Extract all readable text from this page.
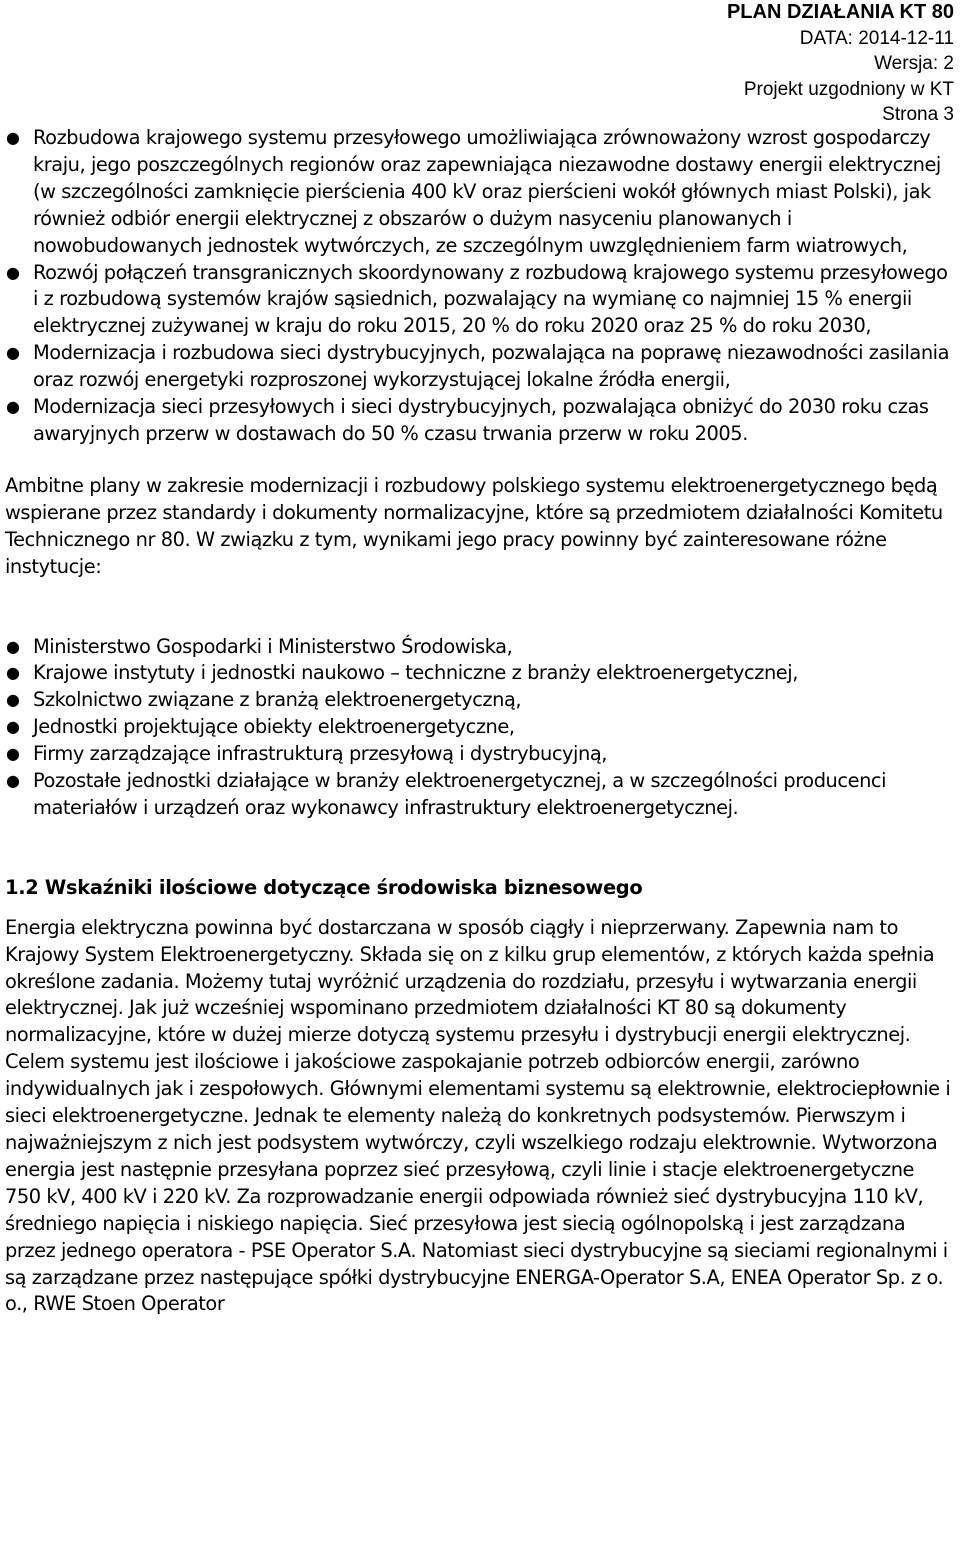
PLAN DZIAŁANIA KT 80
DATA: 2014-12-11
Wersja: 2
Projekt uzgodniony w KT
Strona 3
● Rozbudowa krajowego systemu przesyłowego umożliwiająca zrównoważony wzrost gospodarczy kraju, jego poszczególnych regionów oraz zapewniająca niezawodne dostawy energii elektrycznej (w szczególności zamknięcie pierścienia 400 kV oraz pierścieni wokół głównych miast Polski), jak również odbiór energii elektrycznej z obszarów o dużym nasyceniu planowanych i nowobudowanych jednostek wytwórczych, ze szczególnym uwzględnieniem farm wiatrowych,
● Rozwój połączeń transgranicznych skoordynowany z rozbudową krajowego systemu przesyłowego i z rozbudową systemów krajów sąsiednich, pozwalający na wymianę co najmniej 15 % energii elektrycznej zużywanej w kraju do roku 2015, 20 % do roku 2020 oraz 25 % do roku 2030,
● Modernizacja i rozbudowa sieci dystrybucyjnych, pozwalająca na poprawę niezawodności zasilania oraz rozwój energetyki rozproszonej wykorzystującej lokalne źródła energii,
● Modernizacja sieci przesyłowych i sieci dystrybucyjnych, pozwalająca obniżyć do 2030 roku czas awaryjnych przerw w dostawach do 50 % czasu trwania przerw w roku 2005.

Ambitne plany w zakresie modernizacji i rozbudowy polskiego systemu elektroenergetycznego będą wspierane przez standardy i dokumenty normalizacyjne, które są przedmiotem działalności Komitetu Technicznego nr 80. W związku z tym, wynikami jego pracy powinny być zainteresowane różne instytucje:

● Ministerstwo Gospodarki i Ministerstwo Środowiska,
● Krajowe instytuty i jednostki naukowo – techniczne z branży elektroenergetycznej,
● Szkolnictwo związane z branżą elektroenergetyczną,
● Jednostki projektujące obiekty elektroenergetyczne,
● Firmy zarządzające infrastrukturą przesyłową i dystrybucyjną,
● Pozostałe jednostki działające w branży elektroenergetycznej, a w szczególności producenci materiałów i urządzeń oraz wykonawcy infrastruktury elektroenergetycznej.

1.2 Wskaźniki ilościowe dotyczące środowiska biznesowego

Energia elektryczna powinna być dostarczana w sposób ciągły i nieprzerwany. Zapewnia nam to Krajowy System Elektroenergetyczny. Składa się on z kilku grup elementów, z których każda spełnia określone zadania. Możemy tutaj wyróżnić urządzenia do rozdziału, przesyłu i wytwarzania energii elektrycznej. Jak już wcześniej wspominano przedmiotem działalności KT 80 są dokumenty normalizacyjne, które w dużej mierze dotyczą systemu przesyłu i dystrybucji energii elektrycznej. Celem systemu jest ilościowe i jakościowe zaspokajanie potrzeb odbiorców energii, zarówno indywidualnych jak i zespołowych. Głównymi elementami systemu są elektrownie, elektrociepłownie i sieci elektroenergetyczne. Jednak te elementy należą do konkretnych podsystemów. Pierwszym i najważniejszym z nich jest podsystem wytwórczy, czyli wszelkiego rodzaju elektrownie. Wytworzona energia jest następnie przesyłana poprzez sieć przesyłową, czyli linie i stacje elektroenergetyczne 750 kV, 400 kV i 220 kV. Za rozprowadzanie energii odpowiada również sieć dystrybucyjna 110 kV, średniego napięcia i niskiego napięcia. Sieć przesyłowa jest siecią ogólnopolską i jest zarządzana przez jednego operatora - PSE Operator S.A. Natomiast sieci dystrybucyjne są sieciami regionalnymi i są zarządzane przez następujące spółki dystrybucyjne ENERGA-Operator S.A, ENEA Operator Sp. z o. o., RWE Stoen Operator
